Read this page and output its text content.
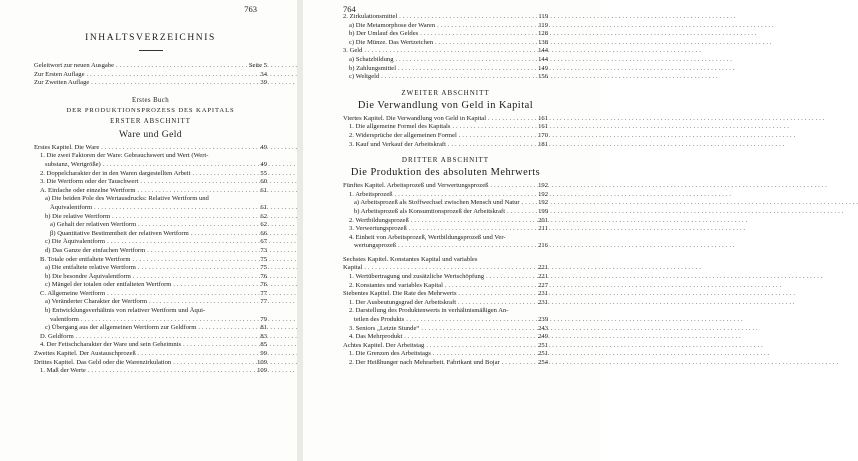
763
INHALTSVERZEICHNIS
Geleitwort zur neuen Ausgabe . . .	Seite 5
Zur Ersten Auflage . . .	34
Zur Zweiten Auflage . . .	39
Erstes Buch
DER PRODUKTIONSPROZESS DES KAPITALS
ERSTER ABSCHNITT
Ware und Geld
Erstes Kapitel. Die Ware . . .	49
1. Die zwei Faktoren der Ware: Gebrauchswert und Wert (Wert-
substanz, Wertgröße) . . .	49
2. Doppelcharakter der in den Waren dargestellten Arbeit . . .	55
3. Die Wertform oder der Tauschwert . . .	60
A. Einfache oder einzelne Wertform . . .	61
a) Die beiden Pole des Wertausdrucks: Relative Wertform und
Äquivalentform . . .	61
b) Die relative Wertform . . .	62
a) Gehalt der relativen Wertform . . .	62
β) Quantitative Bestimmtheit der relativen Wertform . . .	66
c) Die Äquivalentform . . .	67
d) Das Ganze der einfachen Wertform . . .	73
B. Totale oder entfaltete Wertform . . .	75
a) Die entfaltete relative Wertform . . .	75
b) Die besondre Äquivalentform . . .	76
c) Mängel der totalen oder entfalteten Wertform . . .	76
C. Allgemeine Wertform . . .	77
a) Veränderter Charakter der Wertform . . .	77
b) Entwicklungsverhältnis von relativer Wertform und Äqui-
valentform . . .	79
c) Übergang aus der allgemeinen Wertform zur Geldform . . .	81
D. Geldform . . .	83
4. Der Fetischcharakter der Ware und sein Geheimnis . . .	85
Zweites Kapitel. Der Austauschprozeß . . .	99
Drittes Kapitel. Das Geld oder die Warenzirkulation . . .	109
1. Maß der Werte . . .	109
764
2. Zirkulationsmittel . . .	119
a) Die Metamorphose der Waren . . .	119
b) Der Umlauf des Geldes . . .	128
c) Die Münze. Das Wertzeichen . . .	138
3. Geld . . .	144
a) Schatzbildung . . .	144
b) Zahlungsmittel . . .	149
c) Weltgeld . . .	156
ZWEITER ABSCHNITT
Die Verwandlung von Geld in Kapital
Viertes Kapitel. Die Verwandlung von Geld in Kapital . . .	161
1. Die allgemeine Formel des Kapitals . . .	161
2. Widersprüche der allgemeinen Formel . . .	170
3. Kauf und Verkauf der Arbeitskraft . . .	181
DRITTER ABSCHNITT
Die Produktion des absoluten Mehrwerts
Fünftes Kapitel. Arbeitsprozeß und Verwertungsprozeß . . .	192
1. Arbeitsprozeß . . .	192
a) Arbeitsprozeß als Stoffwechsel zwischen Mensch und Natur . . .	192
b) Arbeitsprozeß als Konsumtionsprozeß der Arbeitskraft . . .	199
2. Wertbildungsprozeß . . .	201
3. Verwertungsprozeß . . .	211
4. Einheit von Arbeitsprozeß, Wertbildungsprozeß und Ver-
wertungsprozeß . . .	216
Sechstes Kapitel. Konstantes Kapital und variables
Kapital . . .	221
1. Wertübertragung und zusätzliche Wertschöpfung . . .	221
2. Konstantes und variables Kapital . . .	227
Siebentes Kapitel. Die Rate des Mehrwerts . . .	231
1. Der Ausbeutungsgrad der Arbeitskraft . . .	231
2. Darstellung des Produktenwerts in verhältnismäßigen An-
teilen des Produkts . . .	239
3. Seniors „Letzte Stunde“ . . .	243
4. Das Mehrprodukt . . .	249
Achtes Kapitel. Der Arbeitstag . . .	251
1. Die Grenzen des Arbeitstags . . .	251
2. Der Heißhunger nach Mehrarbeit. Fabrikant und Bojar . . .	254
